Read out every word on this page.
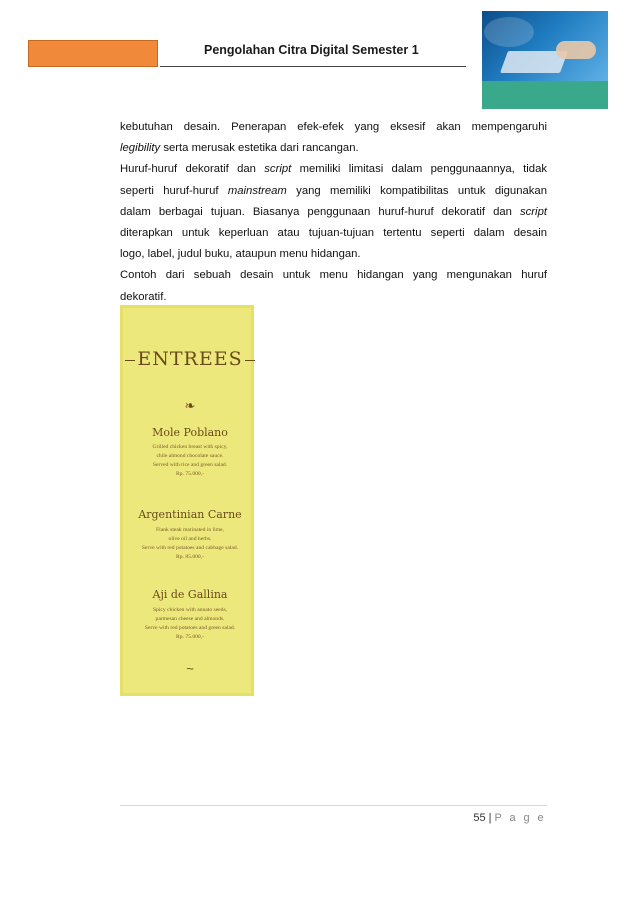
Pengolahan Citra Digital Semester 1

kebutuhan desain. Penerapan efek-efek yang eksesif akan mempengaruhi

legibility serta merusak estetika dari rancangan.

Huruf-huruf dekoratif dan script memiliki limitasi dalam penggunaannya, tidak

seperti huruf-huruf mainstream yang memiliki kompatibilitas untuk digunakan

dalam berbagai tujuan. Biasanya penggunaan huruf-huruf dekoratif dan script

diterapkan untuk keperluan atau tujuan-tujuan tertentu seperti dalam desain

logo, label, judul buku, ataupun menu hidangan.

Contoh dari sebuah desain untuk menu hidangan yang mengunakan huruf

dekoratif.

ENTREES
❧
Mole Poblano
Grilled chicken breast with spicy,
chile almond chocolate sauce.
Served with rice and green salad.
Rp. 75.000,-
Argentinian Carne
Flank steak marinated in lime,
olive oil and herbs.
Serve with red potatoes and cabbage salad.
Rp. 85.000,-
Aji de Gallina
Spicy chicken with annato seeds,
parmesan cheese and almonds.
Serve with red potatoes and green salad.
Rp. 75.000,-
~
55 | P a g e
